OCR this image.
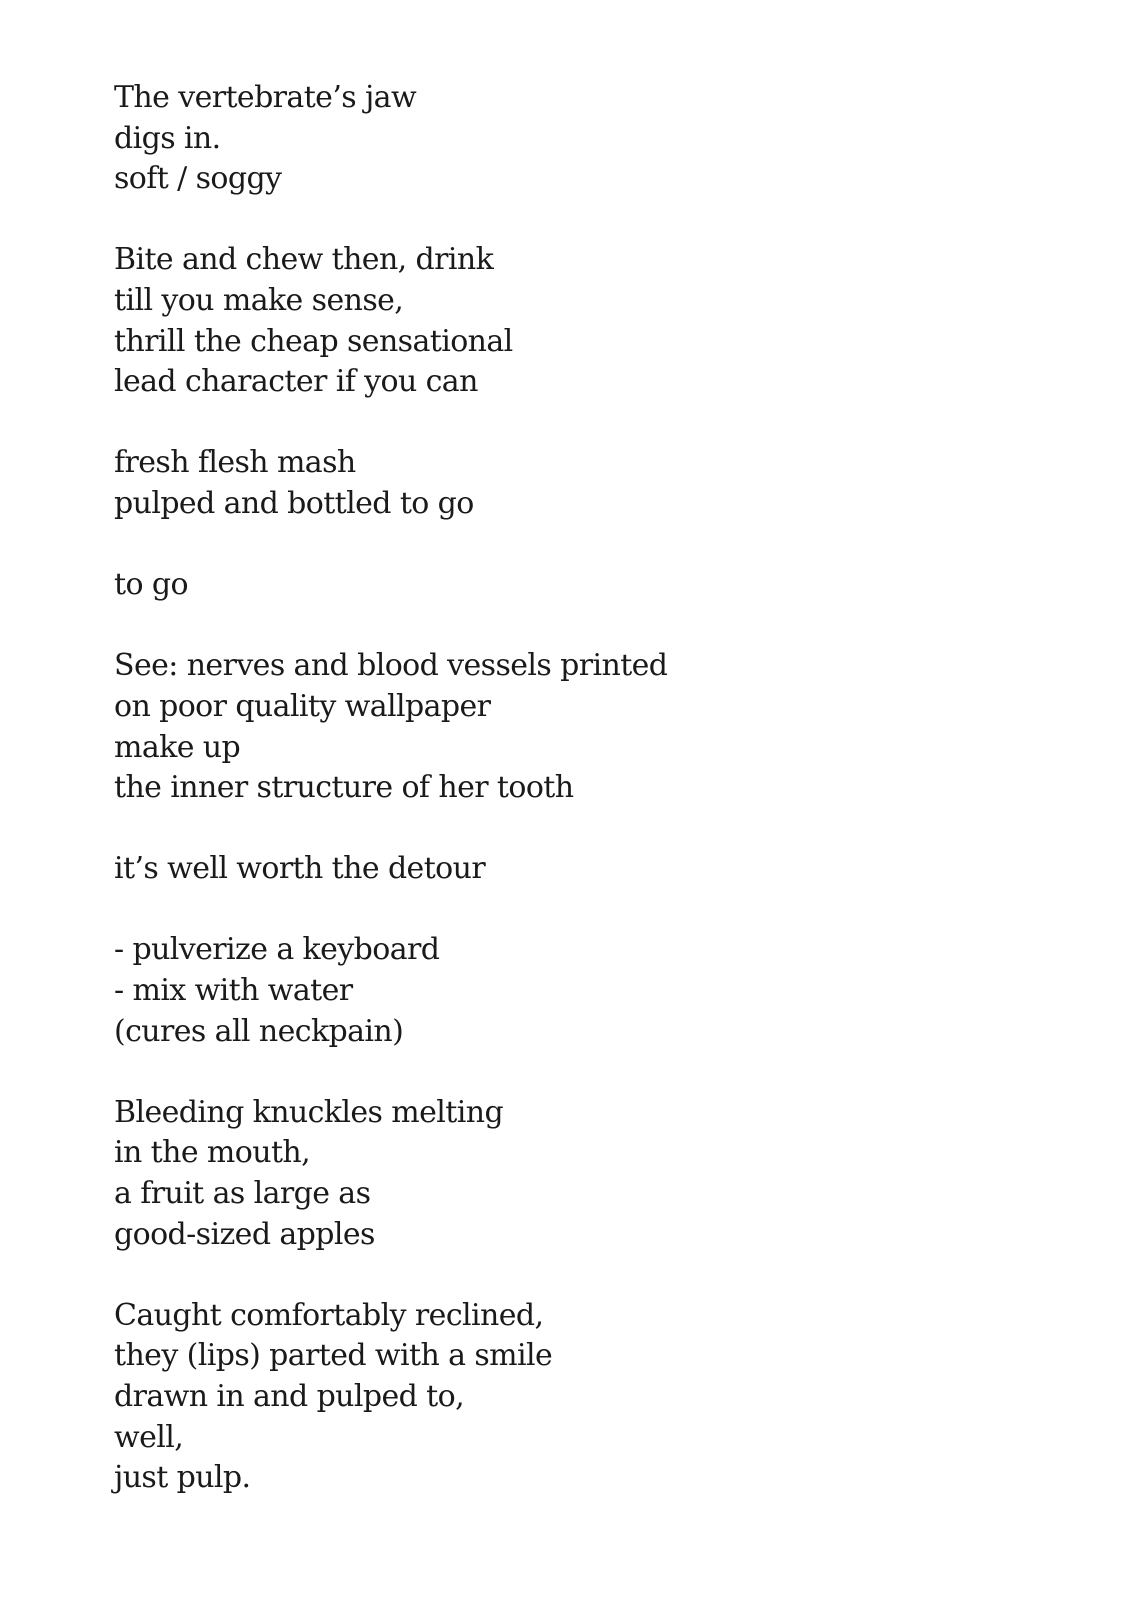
The vertebrate’s jaw
digs in.
soft / soggy
Bite and chew then, drink
till you make sense,
thrill the cheap sensational
lead character if you can
fresh flesh mash
pulped and bottled to go
to go
See: nerves and blood vessels printed
on poor quality wallpaper
make up
the inner structure of her tooth
it’s well worth the detour
- pulverize a keyboard
- mix with water
(cures all neckpain)
Bleeding knuckles melting
in the mouth,
a fruit as large as
good-sized apples
Caught comfortably reclined,
they (lips) parted with a smile
drawn in and pulped to,
well,
just pulp.
